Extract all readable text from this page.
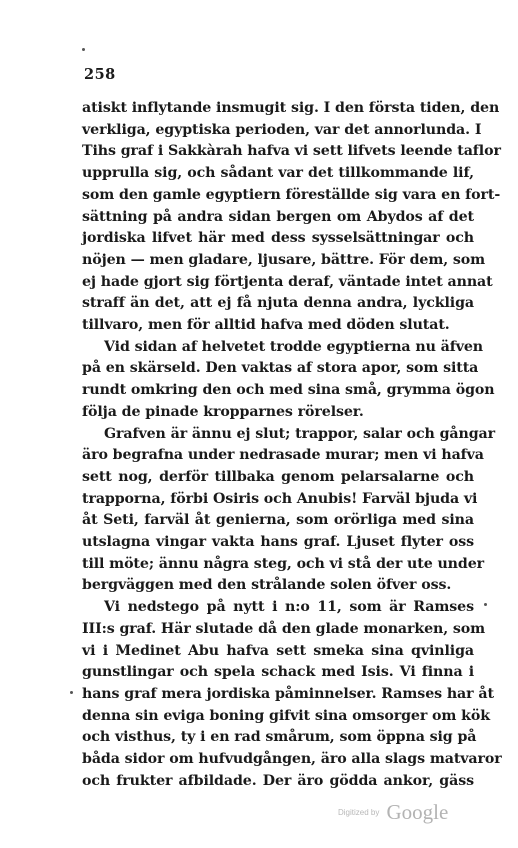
258
atiskt inflytande insmugit sig. I den första tiden, den
verkliga, egyptiska perioden, var det annorlunda. I
Tihs graf i Sakkàrah hafva vi sett lifvets leende taflor
upprulla sig, och sådant var det tillkommande lif,
som den gamle egyptiern föreställde sig vara en fort-
sättning på andra sidan bergen om Abydos af det
jordiska lifvet här med dess sysselsättningar och
nöjen — men gladare, ljusare, bättre. För dem, som
ej hade gjort sig förtjenta deraf, väntade intet annat
straff än det, att ej få njuta denna andra, lyckliga
tillvaro, men för alltid hafva med döden slutat.
Vid sidan af helvetet trodde egyptierna nu äfven
på en skärseld. Den vaktas af stora apor, som sitta
rundt omkring den och med sina små, grymma ögon
följa de pinade kropparnes rörelser.
Grafven är ännu ej slut; trappor, salar och gångar
äro begrafna under nedrasade murar; men vi hafva
sett nog, derför tillbaka genom pelarsalarne och
trapporna, förbi Osiris och Anubis! Farväl bjuda vi
åt Seti, farväl åt genierna, som orörliga med sina
utslagna vingar vakta hans graf. Ljuset flyter oss
till möte; ännu några steg, och vi stå der ute under
bergväggen med den strålande solen öfver oss.
Vi nedstego på nytt i n:o 11, som är Ramses
III:s graf. Här slutade då den glade monarken, som
vi i Medinet Abu hafva sett smeka sina qvinliga
gunstlingar och spela schack med Isis. Vi finna i
hans graf mera jordiska påminnelser. Ramses har åt
denna sin eviga boning gifvit sina omsorger om kök
och visthus, ty i en rad smårum, som öppna sig på
båda sidor om hufvudgången, äro alla slags matvaror
och frukter afbildade. Der äro gödda ankor, gäss
Digitized by Google
